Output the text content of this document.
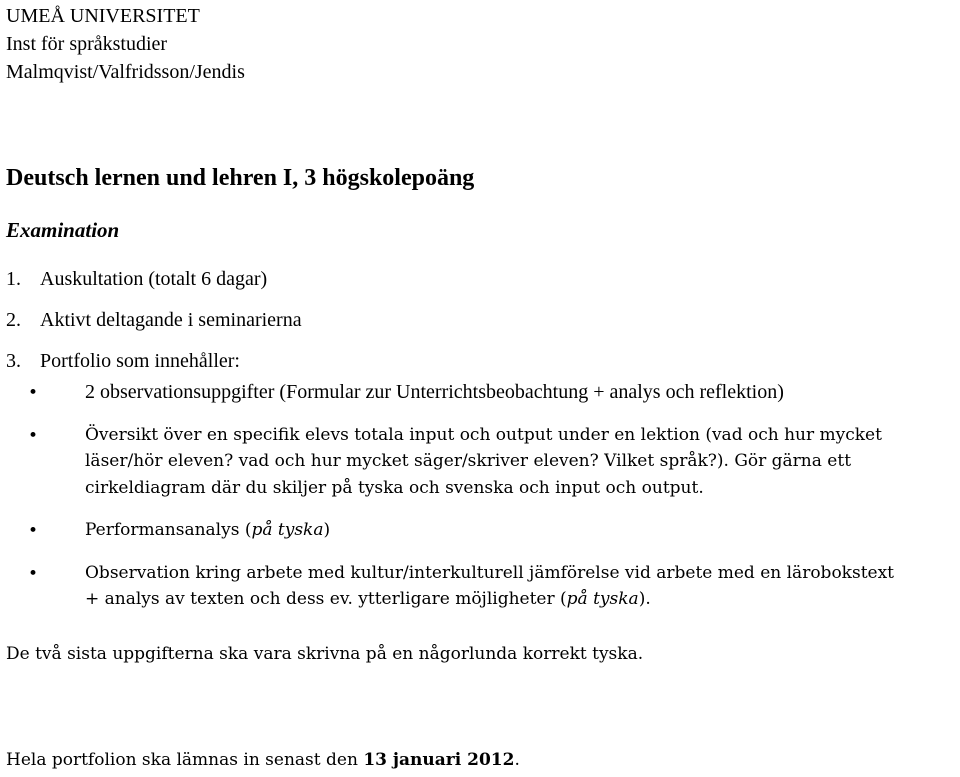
UMEÅ UNIVERSITET
Inst för språkstudier
Malmqvist/Valfridsson/Jendis
Deutsch lernen und lehren I, 3 högskolepoäng
Examination
1. Auskultation (totalt 6 dagar)
2. Aktivt deltagande i seminarierna
3. Portfolio som innehåller:
• 2 observationsuppgifter (Formular zur Unterrichtsbeobachtung + analys och reflektion)
•	Översikt över en specifik elevs totala input och output under en lektion (vad och hur mycket
läser/hör eleven? vad och hur mycket säger/skriver eleven? Vilket språk?). Gör gärna ett
cirkeldiagram där du skiljer på tyska och svenska och input och output.
•	Performansanalys (på tyska)
•	Observation kring arbete med kultur/interkulturell jämförelse vid arbete med en lärobokstext
+ analys av texten och dess ev. ytterligare möjligheter (på tyska).
De två sista uppgifterna ska vara skrivna på en någorlunda korrekt tyska.
Hela portfolion ska lämnas in senast den 13 januari 2012.
